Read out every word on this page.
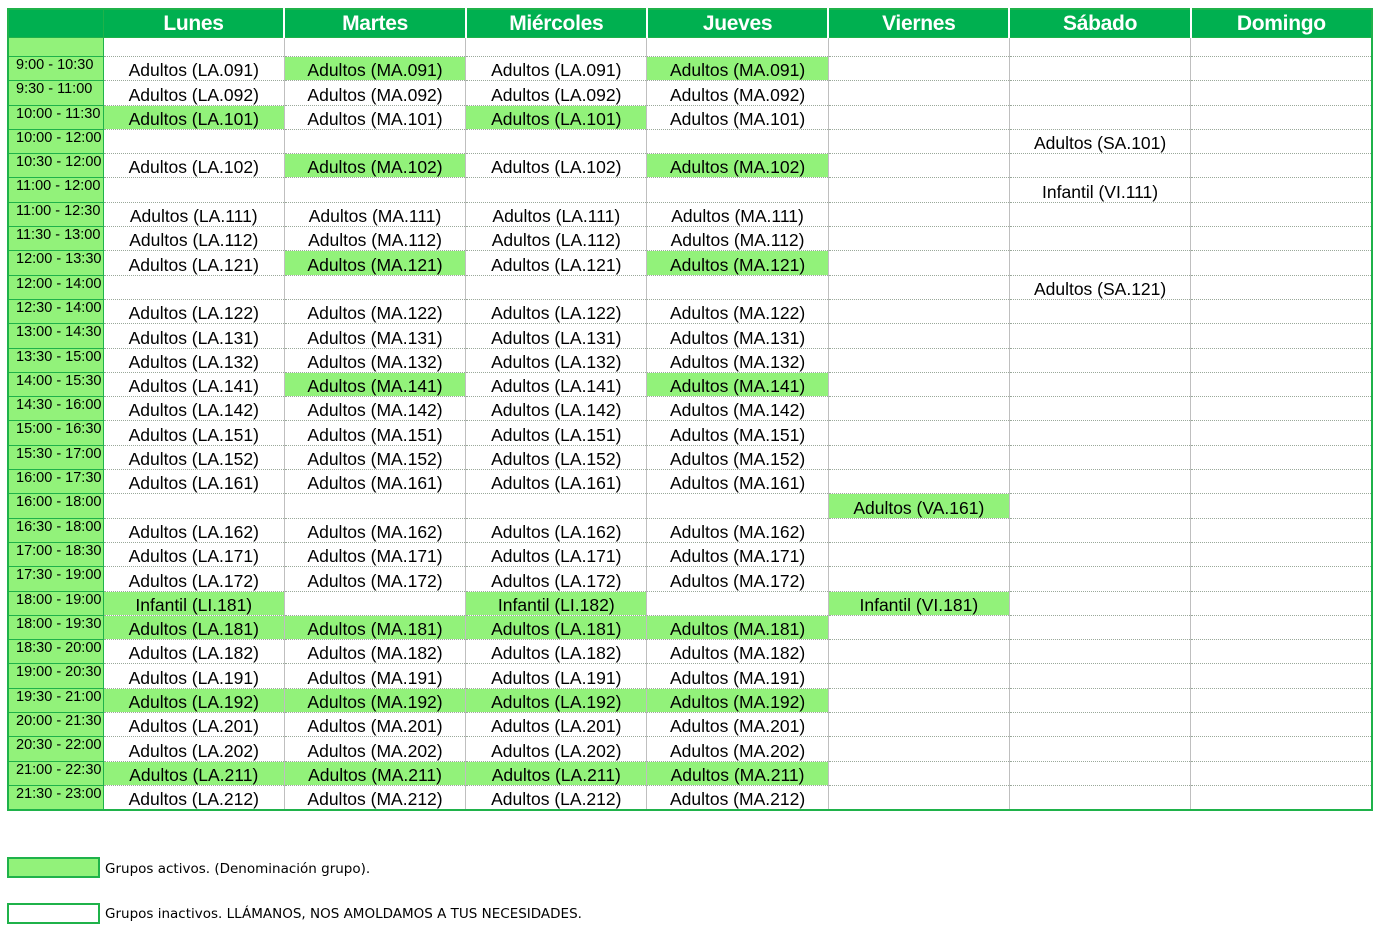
	Lunes	Martes	Miércoles	Jueves	Viernes	Sábado	Domingo

9:00 - 10:30	Adultos (LA.091)	Adultos (MA.091)	Adultos (LA.091)	Adultos (MA.091)			
9:30 - 11:00	Adultos (LA.092)	Adultos (MA.092)	Adultos (LA.092)	Adultos (MA.092)			
10:00 - 11:30	Adultos (LA.101)	Adultos (MA.101)	Adultos (LA.101)	Adultos (MA.101)			
10:00 - 12:00						Adultos (SA.101)	
10:30 - 12:00	Adultos (LA.102)	Adultos (MA.102)	Adultos (LA.102)	Adultos (MA.102)			
11:00 - 12:00						Infantil (VI.111)	
11:00 - 12:30	Adultos (LA.111)	Adultos (MA.111)	Adultos (LA.111)	Adultos (MA.111)			
11:30 - 13:00	Adultos (LA.112)	Adultos (MA.112)	Adultos (LA.112)	Adultos (MA.112)			
12:00 - 13:30	Adultos (LA.121)	Adultos (MA.121)	Adultos (LA.121)	Adultos (MA.121)			
12:00 - 14:00						Adultos (SA.121)	
12:30 - 14:00	Adultos (LA.122)	Adultos (MA.122)	Adultos (LA.122)	Adultos (MA.122)			
13:00 - 14:30	Adultos (LA.131)	Adultos (MA.131)	Adultos (LA.131)	Adultos (MA.131)			
13:30 - 15:00	Adultos (LA.132)	Adultos (MA.132)	Adultos (LA.132)	Adultos (MA.132)			
14:00 - 15:30	Adultos (LA.141)	Adultos (MA.141)	Adultos (LA.141)	Adultos (MA.141)			
14:30 - 16:00	Adultos (LA.142)	Adultos (MA.142)	Adultos (LA.142)	Adultos (MA.142)			
15:00 - 16:30	Adultos (LA.151)	Adultos (MA.151)	Adultos (LA.151)	Adultos (MA.151)			
15:30 - 17:00	Adultos (LA.152)	Adultos (MA.152)	Adultos (LA.152)	Adultos (MA.152)			
16:00 - 17:30	Adultos (LA.161)	Adultos (MA.161)	Adultos (LA.161)	Adultos (MA.161)			
16:00 - 18:00					Adultos (VA.161)		
16:30 - 18:00	Adultos (LA.162)	Adultos (MA.162)	Adultos (LA.162)	Adultos (MA.162)			
17:00 - 18:30	Adultos (LA.171)	Adultos (MA.171)	Adultos (LA.171)	Adultos (MA.171)			
17:30 - 19:00	Adultos (LA.172)	Adultos (MA.172)	Adultos (LA.172)	Adultos (MA.172)			
18:00 - 19:00	Infantil (LI.181)		Infantil (LI.182)		Infantil (VI.181)		
18:00 - 19:30	Adultos (LA.181)	Adultos (MA.181)	Adultos (LA.181)	Adultos (MA.181)			
18:30 - 20:00	Adultos (LA.182)	Adultos (MA.182)	Adultos (LA.182)	Adultos (MA.182)			
19:00 - 20:30	Adultos (LA.191)	Adultos (MA.191)	Adultos (LA.191)	Adultos (MA.191)			
19:30 - 21:00	Adultos (LA.192)	Adultos (MA.192)	Adultos (LA.192)	Adultos (MA.192)			
20:00 - 21:30	Adultos (LA.201)	Adultos (MA.201)	Adultos (LA.201)	Adultos (MA.201)			
20:30 - 22:00	Adultos (LA.202)	Adultos (MA.202)	Adultos (LA.202)	Adultos (MA.202)			
21:00 - 22:30	Adultos (LA.211)	Adultos (MA.211)	Adultos (LA.211)	Adultos (MA.211)			
21:30 - 23:00	Adultos (LA.212)	Adultos (MA.212)	Adultos (LA.212)	Adultos (MA.212)			
Grupos activos. (Denominación grupo).
Grupos inactivos. LLÁMANOS, NOS AMOLDAMOS A TUS NECESIDADES.
